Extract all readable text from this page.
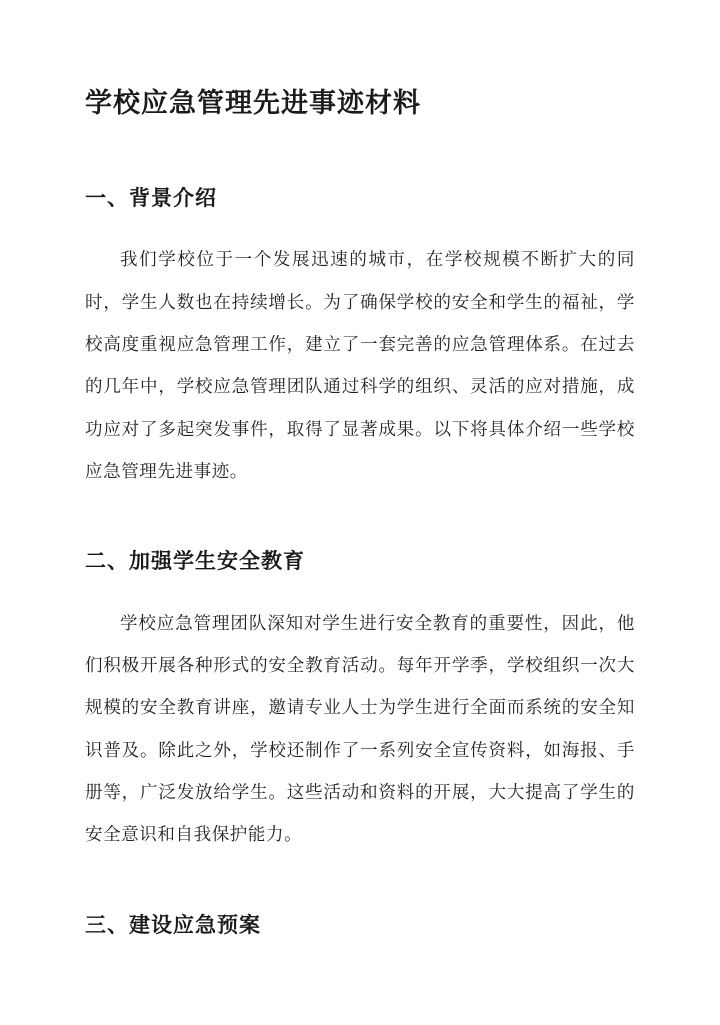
学校应急管理先进事迹材料
一、背景介绍

我们学校位于一个发展迅速的城市，在学校规模不断扩大的同时，学生人数也在持续增长。为了确保学校的安全和学生的福祉，学校高度重视应急管理工作，建立了一套完善的应急管理体系。在过去的几年中，学校应急管理团队通过科学的组织、灵活的应对措施，成功应对了多起突发事件，取得了显著成果。以下将具体介绍一些学校应急管理先进事迹。

二、加强学生安全教育

学校应急管理团队深知对学生进行安全教育的重要性，因此，他们积极开展各种形式的安全教育活动。每年开学季，学校组织一次大规模的安全教育讲座，邀请专业人士为学生进行全面而系统的安全知识普及。除此之外，学校还制作了一系列安全宣传资料，如海报、手册等，广泛发放给学生。这些活动和资料的开展，大大提高了学生的安全意识和自我保护能力。

三、建设应急预案
